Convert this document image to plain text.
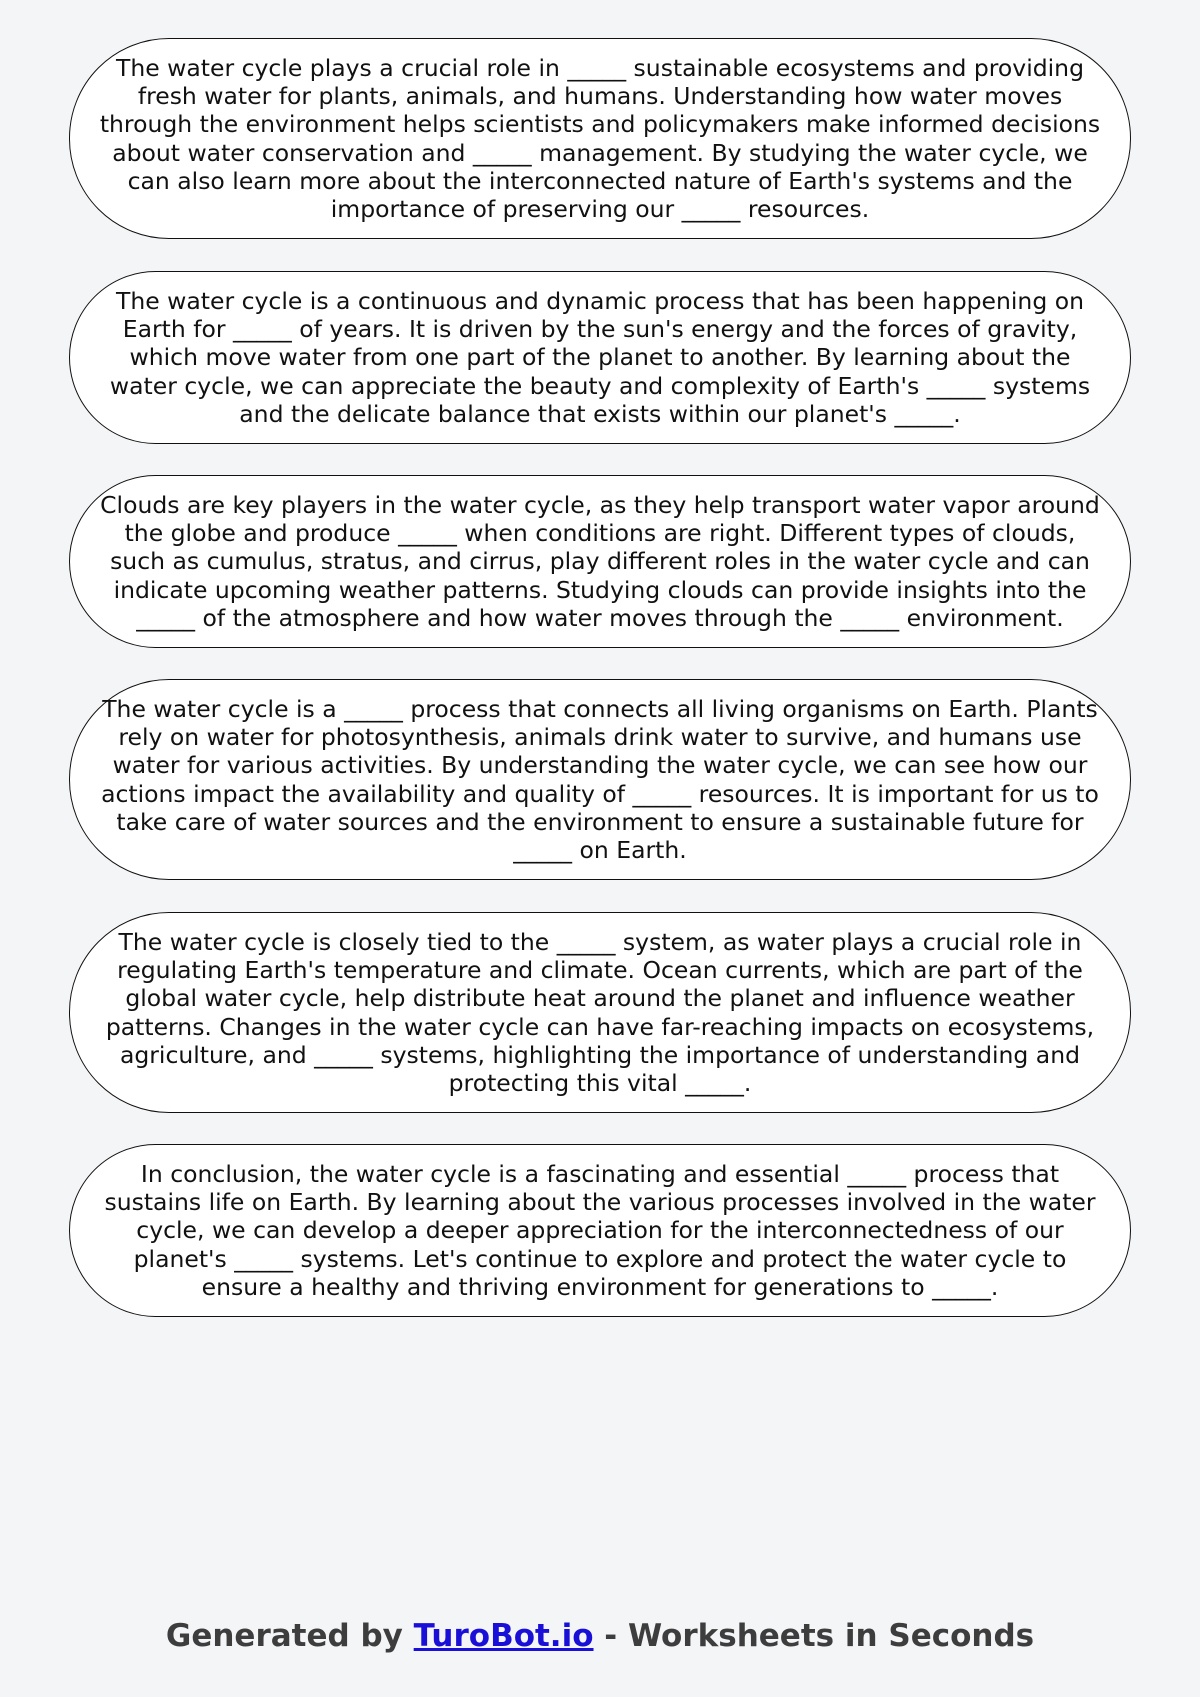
The water cycle plays a crucial role in _____ sustainable ecosystems and providing
fresh water for plants, animals, and humans. Understanding how water moves
through the environment helps scientists and policymakers make informed decisions
about water conservation and _____ management. By studying the water cycle, we
can also learn more about the interconnected nature of Earth's systems and the
importance of preserving our _____ resources.

The water cycle is a continuous and dynamic process that has been happening on
Earth for _____ of years. It is driven by the sun's energy and the forces of gravity,
which move water from one part of the planet to another. By learning about the
water cycle, we can appreciate the beauty and complexity of Earth's _____ systems
and the delicate balance that exists within our planet's _____.

Clouds are key players in the water cycle, as they help transport water vapor around
the globe and produce _____ when conditions are right. Different types of clouds,
such as cumulus, stratus, and cirrus, play different roles in the water cycle and can
indicate upcoming weather patterns. Studying clouds can provide insights into the
_____ of the atmosphere and how water moves through the _____ environment.

The water cycle is a _____ process that connects all living organisms on Earth. Plants
rely on water for photosynthesis, animals drink water to survive, and humans use
water for various activities. By understanding the water cycle, we can see how our
actions impact the availability and quality of _____ resources. It is important for us to
take care of water sources and the environment to ensure a sustainable future for
_____ on Earth.

The water cycle is closely tied to the _____ system, as water plays a crucial role in
regulating Earth's temperature and climate. Ocean currents, which are part of the
global water cycle, help distribute heat around the planet and influence weather
patterns. Changes in the water cycle can have far-reaching impacts on ecosystems,
agriculture, and _____ systems, highlighting the importance of understanding and
protecting this vital _____.

In conclusion, the water cycle is a fascinating and essential _____ process that
sustains life on Earth. By learning about the various processes involved in the water
cycle, we can develop a deeper appreciation for the interconnectedness of our
planet's _____ systems. Let's continue to explore and protect the water cycle to
ensure a healthy and thriving environment for generations to _____.

Generated by TuroBot.io - Worksheets in Seconds
